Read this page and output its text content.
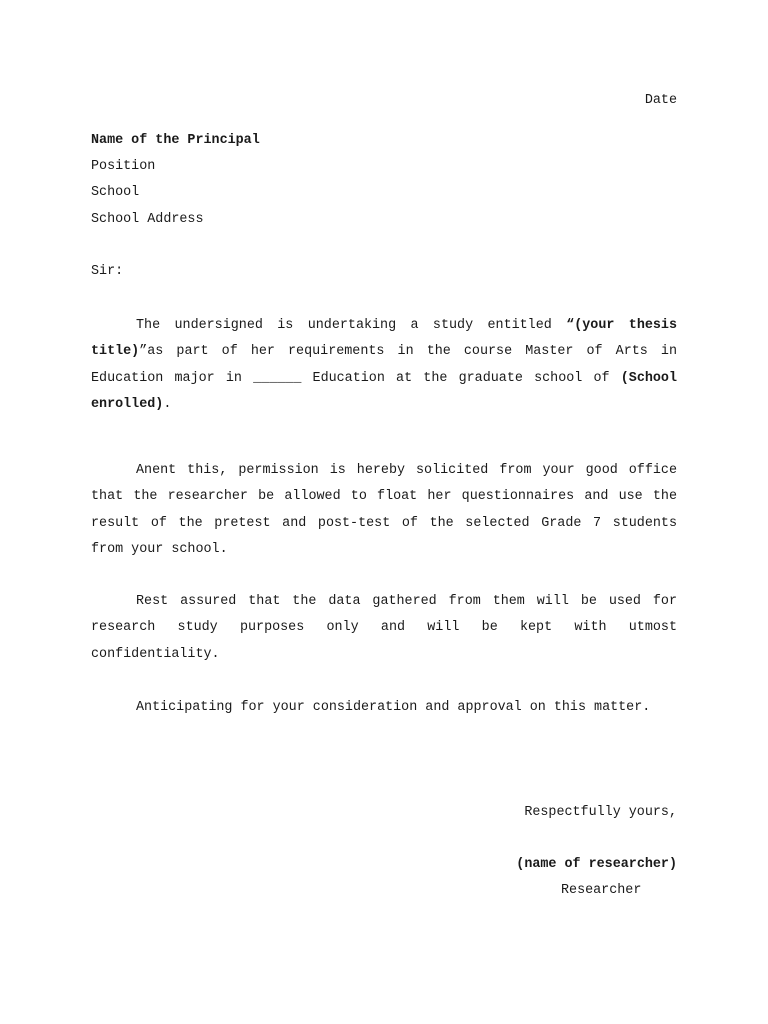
Date
Name of the Principal
Position
School
School Address
Sir:

The undersigned is undertaking a study entitled “(your thesis title)”as part of her requirements in the course Master of Arts in Education major in ______ Education at the graduate school of (School enrolled).

Anent this, permission is hereby solicited from your good office that the researcher be allowed to float her questionnaires and use the result of the pretest and post-test of the selected Grade 7 students from your school.

Rest assured that the data gathered from them will be used for research study purposes only and will be kept with utmost confidentiality.

Anticipating for your consideration and approval on this matter.

Respectfully yours,
(name of researcher)
Researcher
